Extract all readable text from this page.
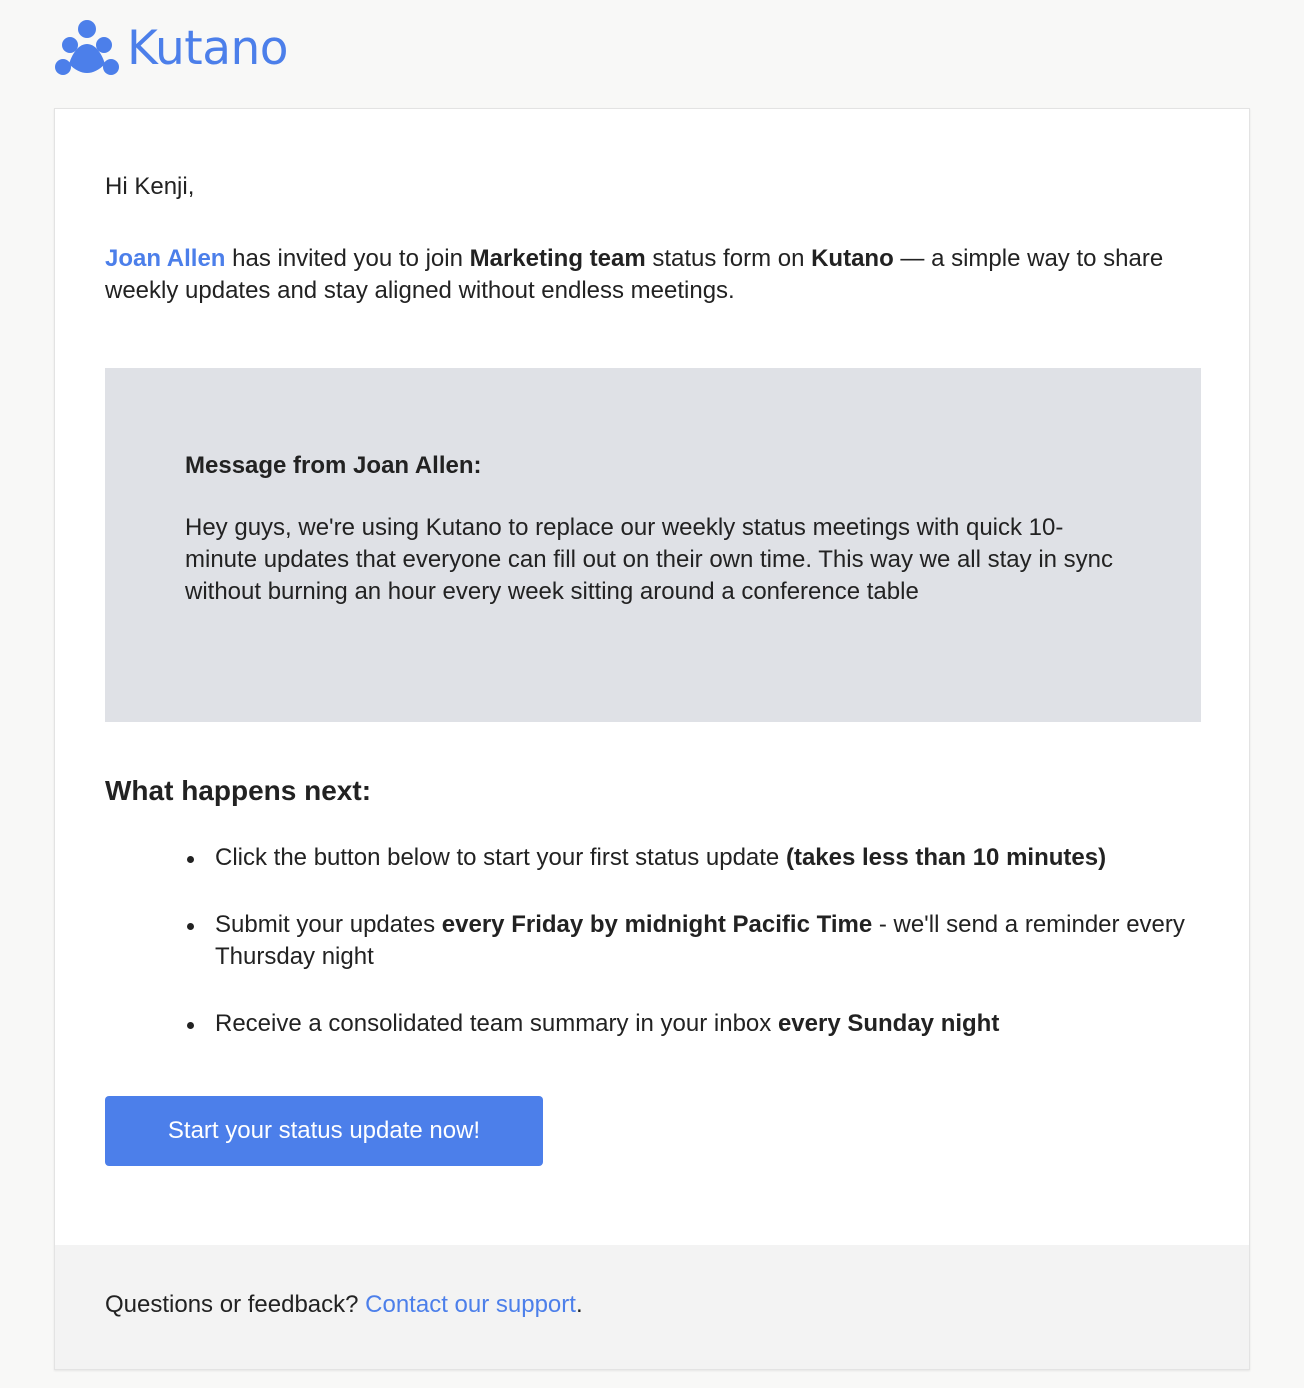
Kutano

Hi Kenji,

Joan Allen has invited you to join Marketing team status form on Kutano — a simple way to share weekly updates and stay aligned without endless meetings.

Message from Joan Allen:

Hey guys, we're using Kutano to replace our weekly status meetings with quick 10-minute updates that everyone can fill out on their own time. This way we all stay in sync without burning an hour every week sitting around a conference table

What happens next:
Click the button below to start your first status update (takes less than 10 minutes)
Submit your updates every Friday by midnight Pacific Time - we'll send a reminder every Thursday night
Receive a consolidated team summary in your inbox every Sunday night
Start your status update now!

Questions or feedback? Contact our support.
